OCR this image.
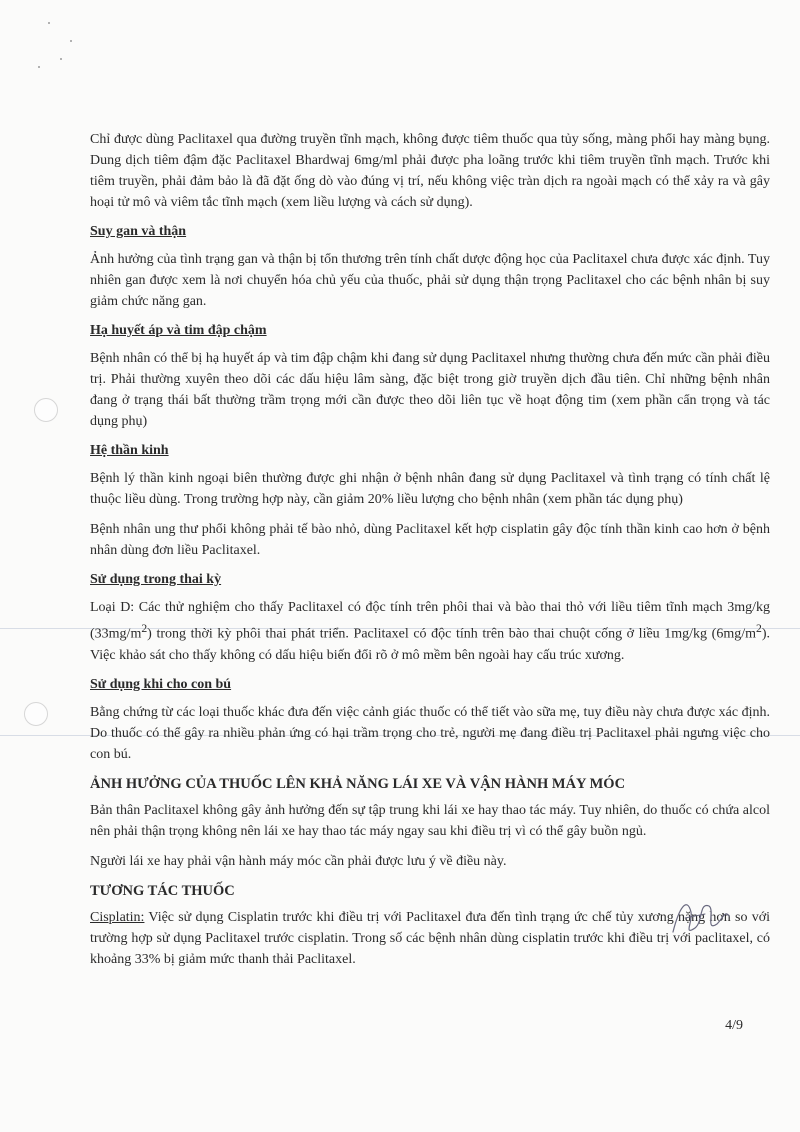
Chỉ được dùng Paclitaxel qua đường truyền tĩnh mạch, không được tiêm thuốc qua tủy sống, màng phổi hay màng bụng. Dung dịch tiêm đậm đặc Paclitaxel Bhardwaj 6mg/ml phải được pha loãng trước khi tiêm truyền tĩnh mạch. Trước khi tiêm truyền, phải đảm bảo là đã đặt ống dò vào đúng vị trí, nếu không việc tràn dịch ra ngoài mạch có thể xảy ra và gây hoại tử mô và viêm tắc tĩnh mạch (xem liều lượng và cách sử dụng).

Suy gan và thận

Ảnh hưởng của tình trạng gan và thận bị tổn thương trên tính chất dược động học của Paclitaxel chưa được xác định. Tuy nhiên gan được xem là nơi chuyển hóa chủ yếu của thuốc, phải sử dụng thận trọng Paclitaxel cho các bệnh nhân bị suy giảm chức năng gan.

Hạ huyết áp và tim đập chậm

Bệnh nhân có thể bị hạ huyết áp và tim đập chậm khi đang sử dụng Paclitaxel nhưng thường chưa đến mức cần phải điều trị. Phải thường xuyên theo dõi các dấu hiệu lâm sàng, đặc biệt trong giờ truyền dịch đầu tiên. Chỉ những bệnh nhân đang ở trạng thái bất thường trầm trọng mới cần được theo dõi liên tục về hoạt động tim (xem phần cẩn trọng và tác dụng phụ)

Hệ thần kinh

Bệnh lý thần kinh ngoại biên thường được ghi nhận ở bệnh nhân đang sử dụng Paclitaxel và tình trạng có tính chất lệ thuộc liều dùng. Trong trường hợp này, cần giảm 20% liều lượng cho bệnh nhân (xem phần tác dụng phụ)

Bệnh nhân ung thư phổi không phải tế bào nhỏ, dùng Paclitaxel kết hợp cisplatin gây độc tính thần kinh cao hơn ở bệnh nhân dùng đơn liều Paclitaxel.

Sử dụng trong thai kỳ

Loại D: Các thử nghiệm cho thấy Paclitaxel có độc tính trên phôi thai và bào thai thỏ với liều tiêm tĩnh mạch 3mg/kg $(33mg/m^2)$ trong thời kỳ phôi thai phát triển. Paclitaxel có độc tính trên bào thai chuột cống ở liều 1mg/kg $(6mg/m^2)$. Việc khảo sát cho thấy không có dấu hiệu biến đổi rõ ở mô mềm bên ngoài hay cấu trúc xương.

Sử dụng khi cho con bú

Bằng chứng từ các loại thuốc khác đưa đến việc cảnh giác thuốc có thể tiết vào sữa mẹ, tuy điều này chưa được xác định. Do thuốc có thể gây ra nhiều phản ứng có hại trầm trọng cho trẻ, người mẹ đang điều trị Paclitaxel phải ngưng việc cho con bú.

ẢNH HƯỞNG CỦA THUỐC LÊN KHẢ NĂNG LÁI XE VÀ VẬN HÀNH MÁY MÓC

Bản thân Paclitaxel không gây ảnh hưởng đến sự tập trung khi lái xe hay thao tác máy. Tuy nhiên, do thuốc có chứa alcol nên phải thận trọng không nên lái xe hay thao tác máy ngay sau khi điều trị vì có thể gây buồn ngủ.

Người lái xe hay phải vận hành máy móc cần phải được lưu ý về điều này.

TƯƠNG TÁC THUỐC

Cisplatin: Việc sử dụng Cisplatin trước khi điều trị với Paclitaxel đưa đến tình trạng ức chế tủy xương nặng hơn so với trường hợp sử dụng Paclitaxel trước cisplatin. Trong số các bệnh nhân dùng cisplatin trước khi điều trị với paclitaxel, có khoảng 33% bị giảm mức thanh thải Paclitaxel.

4/9
